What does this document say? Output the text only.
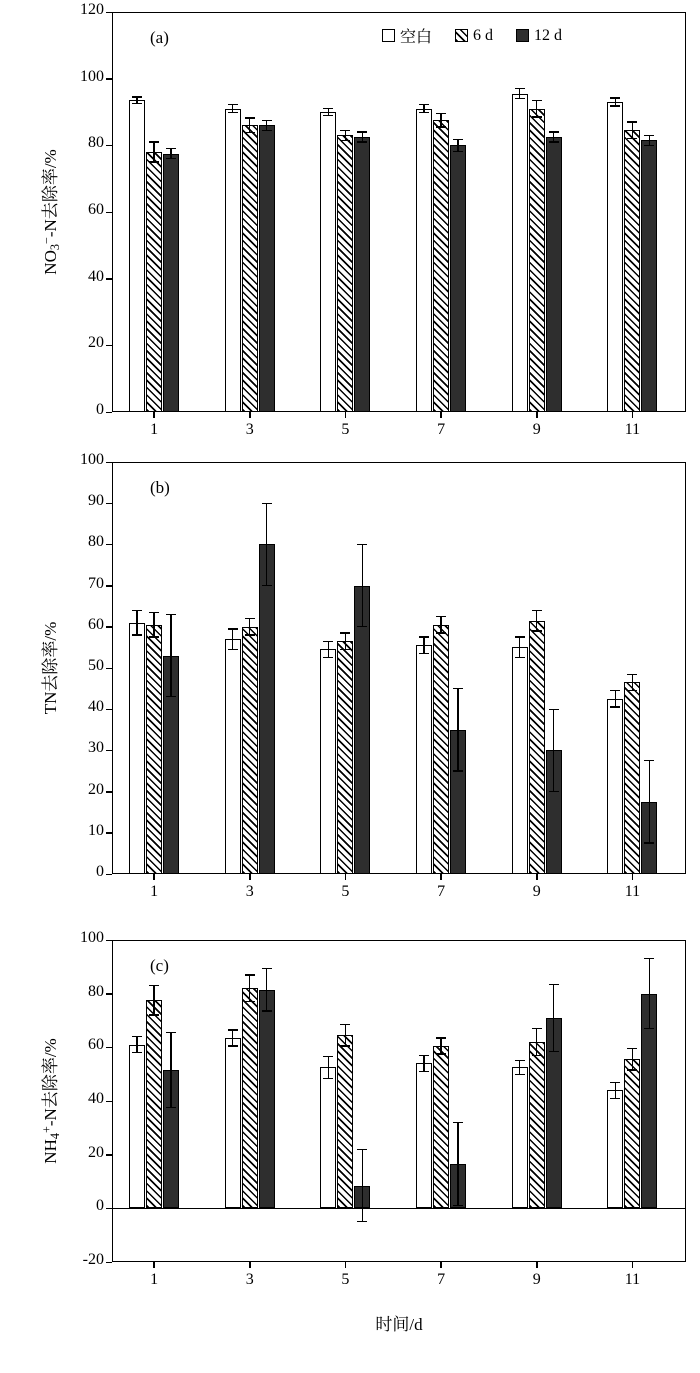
0
20
40
60
80
100
120
$NO_3^--N$去除率/%
(a)
1	3	5	7	9	11
空白	6 d	12 d
0
10
20
30
40
50
60
70
80
90
100
TN去除率/%
(b)
1	3	5	7	9	11
-20
0
20
40
60
80
100
$NH_4^+-N$去除率/%
(c)
1	3	5	7	9	11
时间/d
